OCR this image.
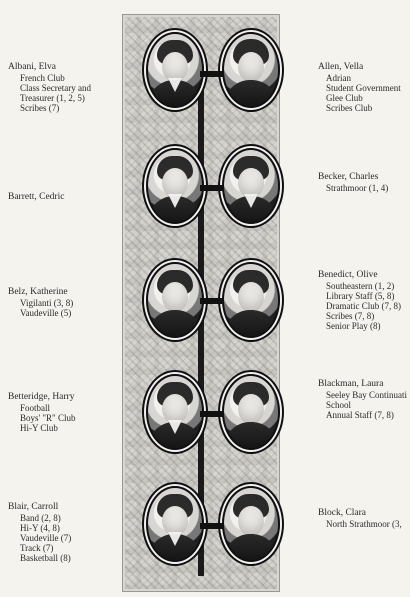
Albani, Elva
French Club
Class Secretary and
Treasurer (1, 2, 5)
Scribes (7)
Barrett, Cedric
Belz, Katherine
Vigilanti (3, 8)
Vaudeville (5)
Betteridge, Harry
Football
Boys' "R" Club
Hi-Y Club
Blair, Carroll
Band (2, 8)
Hi-Y (4, 8)
Vaudeville (7)
Track (7)
Basketball (8)
Allen, Vella
Adrian
Student Government
Glee Club
Scribes Club
Becker, Charles
Strathmoor (1, 4)
Benedict, Olive
Southeastern (1, 2)
Library Staff (5, 8)
Dramatic Club (7, 8)
Scribes (7, 8)
Senior Play (8)
Blackman, Laura
Seeley Bay Continuati
School
Annual Staff (7, 8)
Block, Clara
North Strathmoor (3,
